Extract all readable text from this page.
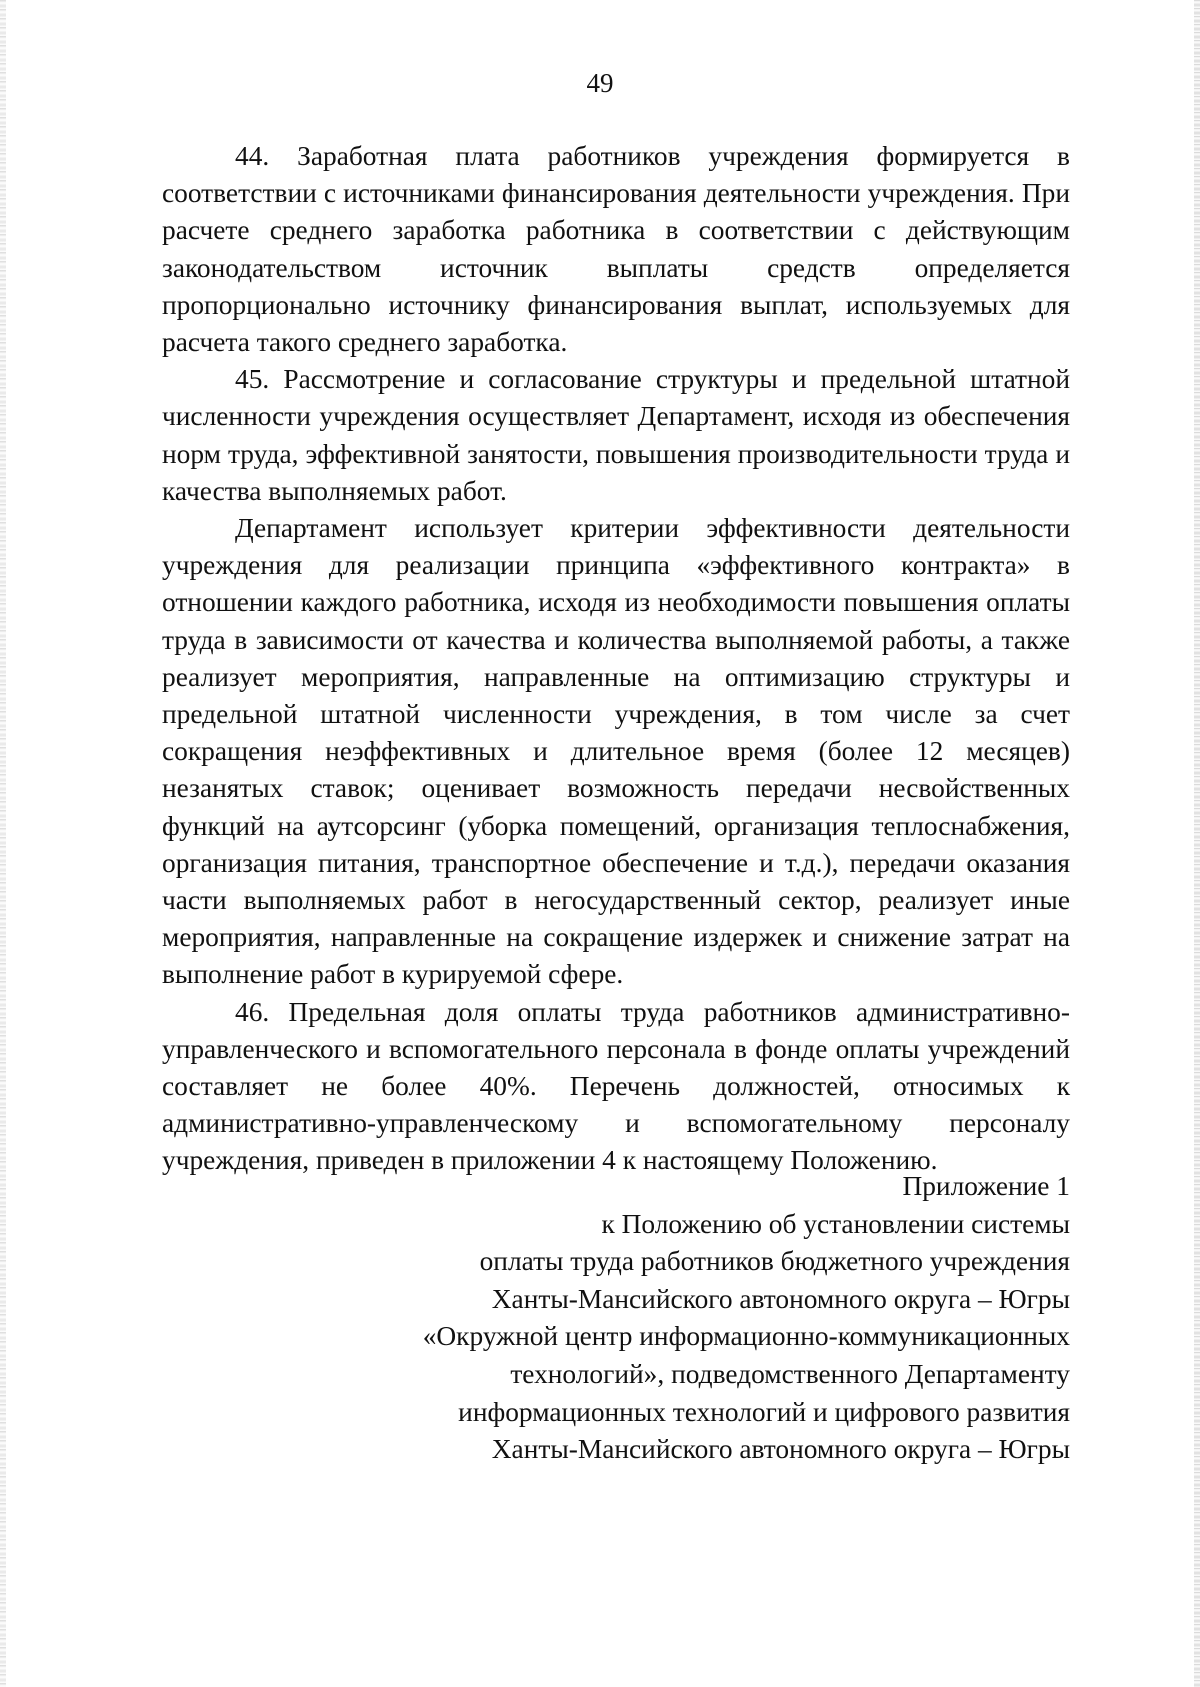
49

44. Заработная плата работников учреждения формируется в соответствии с источниками финансирования деятельности учреждения. При расчете среднего заработка работника в соответствии с действующим законодательством источник выплаты средств определяется пропорционально источнику финансирования выплат, используемых для расчета такого среднего заработка.

45. Рассмотрение и согласование структуры и предельной штатной численности учреждения осуществляет Департамент, исходя из обеспечения норм труда, эффективной занятости, повышения производительности труда и качества выполняемых работ.

Департамент использует критерии эффективности деятельности учреждения для реализации принципа «эффективного контракта» в отношении каждого работника, исходя из необходимости повышения оплаты труда в зависимости от качества и количества выполняемой работы, а также реализует мероприятия, направленные на оптимизацию структуры и предельной штатной численности учреждения, в том числе за счет сокращения неэффективных и длительное время (более 12 месяцев) незанятых ставок; оценивает возможность передачи несвойственных функций на аутсорсинг (уборка помещений, организация теплоснабжения, организация питания, транспортное обеспечение и т.д.), передачи оказания части выполняемых работ в негосударственный сектор, реализует иные мероприятия, направленные на сокращение издержек и снижение затрат на выполнение работ в курируемой сфере.

46. Предельная доля оплаты труда работников административно-управленческого и вспомогательного персонала в фонде оплаты учреждений составляет не более 40%. Перечень должностей, относимых к административно-управленческому и вспомогательному персоналу учреждения, приведен в приложении 4 к настоящему Положению.

Приложение 1
к Положению об установлении системы
оплаты труда работников бюджетного учреждения
Ханты-Мансийского автономного округа – Югры
«Окружной центр информационно-коммуникационных
технологий», подведомственного Департаменту
информационных технологий и цифрового развития
Ханты-Мансийского автономного округа – Югры
